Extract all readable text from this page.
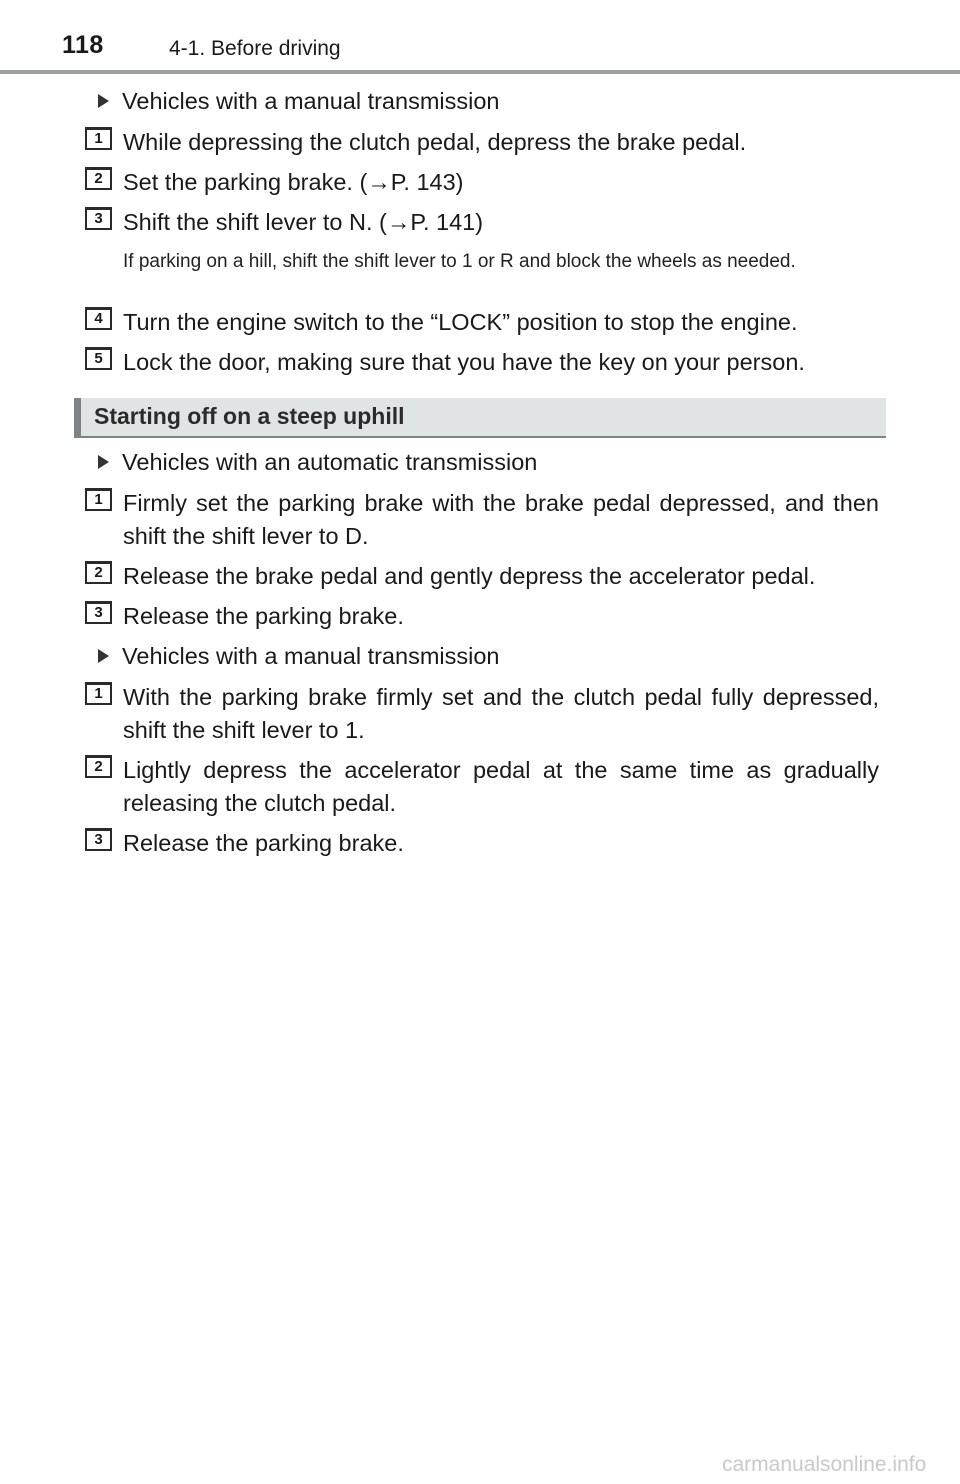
118	4-1. Before driving
Vehicles with a manual transmission
1 While depressing the clutch pedal, depress the brake pedal.
2 Set the parking brake. (→P. 143)
3 Shift the shift lever to N. (→P. 141)
If parking on a hill, shift the shift lever to 1 or R and block the wheels as needed.
4 Turn the engine switch to the “LOCK” position to stop the engine.
5 Lock the door, making sure that you have the key on your person.
Starting off on a steep uphill
Vehicles with an automatic transmission
1 Firmly set the parking brake with the brake pedal depressed, and then shift the shift lever to D.
2 Release the brake pedal and gently depress the accelerator pedal.
3 Release the parking brake.
Vehicles with a manual transmission
1 With the parking brake firmly set and the clutch pedal fully depressed, shift the shift lever to 1.
2 Lightly depress the accelerator pedal at the same time as gradually releasing the clutch pedal.
3 Release the parking brake.
carmanualsonline.info
